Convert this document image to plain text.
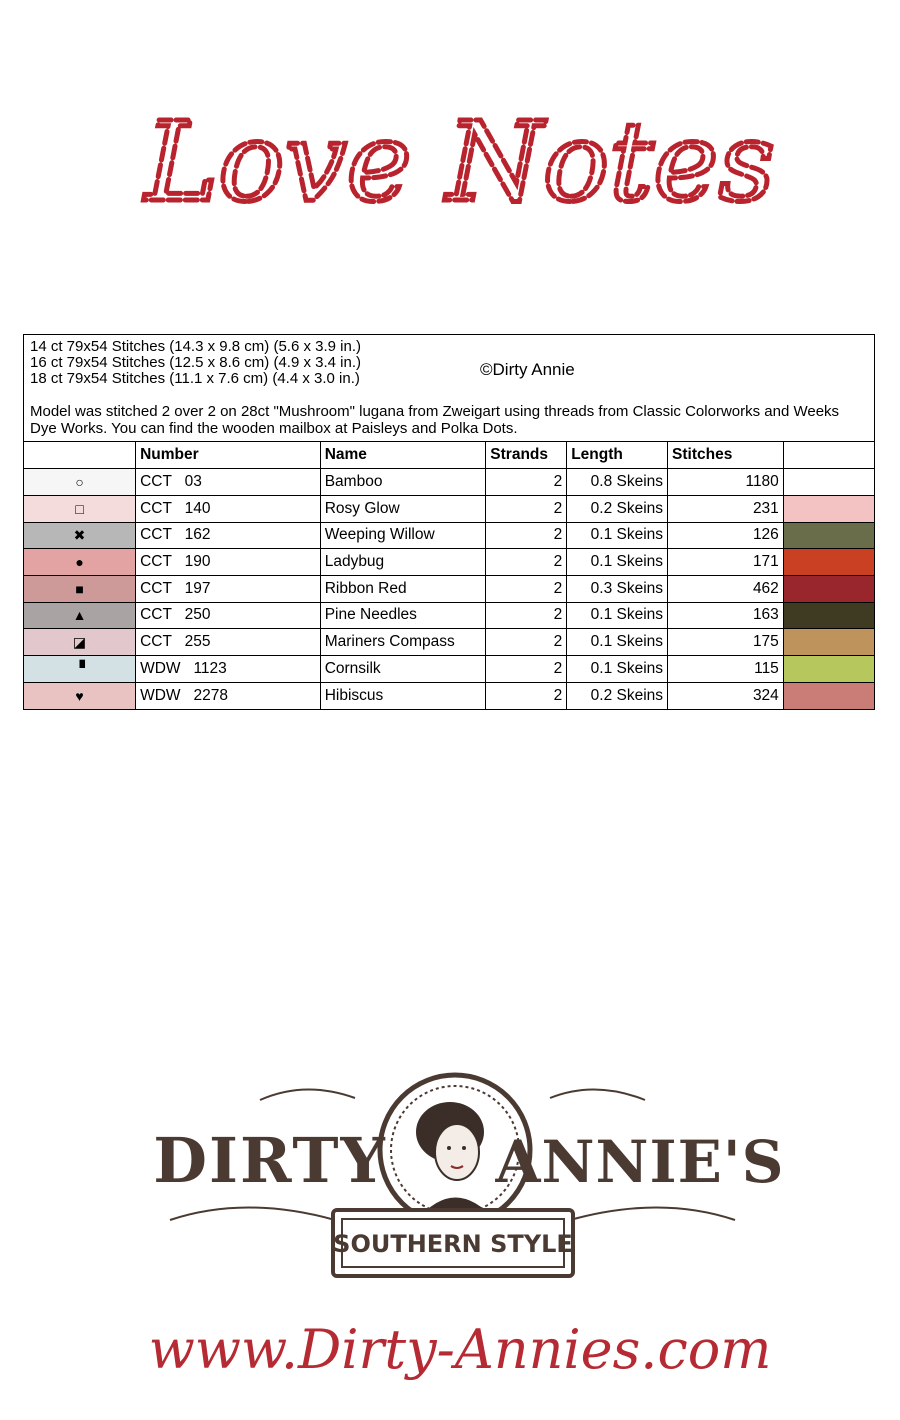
Love Notes
14 ct 79x54 Stitches (14.3 x 9.8 cm) (5.6 x 3.9 in.)
16 ct 79x54 Stitches (12.5 x 8.6 cm) (4.9 x 3.4 in.)
18 ct 79x54 Stitches (11.1 x 7.6 cm) (4.4 x 3.0 in.)	©Dirty Annie
Model was stitched 2 over 2 on 28ct "Mushroom" lugana from Zweigart using threads from Classic Colorworks and Weeks Dye Works. You can find the wooden mailbox at Paisleys and Polka Dots.
	Number	Name	Strands	Length	Stitches	
○	CCT   03	Bamboo	2	0.8 Skeins	1180	
□	CCT   140	Rosy Glow	2	0.2 Skeins	231	
✖	CCT   162	Weeping Willow	2	0.1 Skeins	126	
●	CCT   190	Ladybug	2	0.1 Skeins	171	
■	CCT   197	Ribbon Red	2	0.3 Skeins	462	
▲	CCT   250	Pine Needles	2	0.1 Skeins	163	
◪	CCT   255	Mariners Compass	2	0.1 Skeins	175	
▝	WDW   1123	Cornsilk	2	0.1 Skeins	115	
♥	WDW   2278	Hibiscus	2	0.2 Skeins	324	
DIRTY ANNIE'S
SOUTHERN STYLE
www.Dirty-Annies.com
